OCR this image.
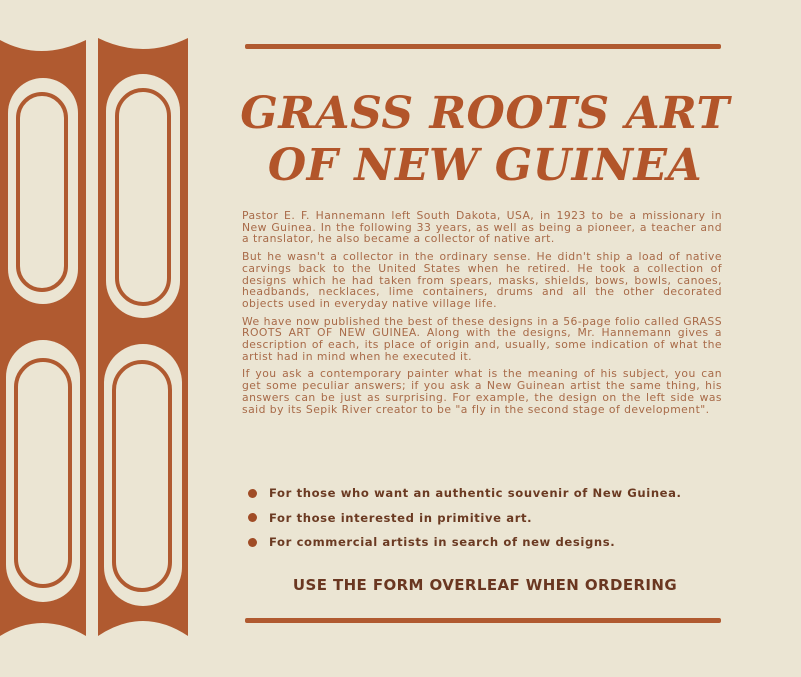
GRASS ROOTS ART
OF NEW GUINEA

Pastor E. F. Hannemann left South Dakota, USA, in 1923 to be a missionary in New Guinea. In the following 33 years, as well as being a pioneer, a teacher and a translator, he also became a collector of native art.

But he wasn't a collector in the ordinary sense. He didn't ship a load of native carvings back to the United States when he retired. He took a collection of designs which he had taken from spears, masks, shields, bows, bowls, canoes, headbands, necklaces, lime containers, drums and all the other decorated objects used in everyday native village life.

We have now published the best of these designs in a 56-page folio called GRASS ROOTS ART OF NEW GUINEA. Along with the designs, Mr. Hannemann gives a description of each, its place of origin and, usually, some indication of what the artist had in mind when he executed it.

If you ask a contemporary painter what is the meaning of his subject, you can get some peculiar answers; if you ask a New Guinean artist the same thing, his answers can be just as surprising. For example, the design on the left side was said by its Sepik River creator to be "a fly in the second stage of development".

For those who want an authentic souvenir of New Guinea.
For those interested in primitive art.
For commercial artists in search of new designs.
USE THE FORM OVERLEAF WHEN ORDERING
